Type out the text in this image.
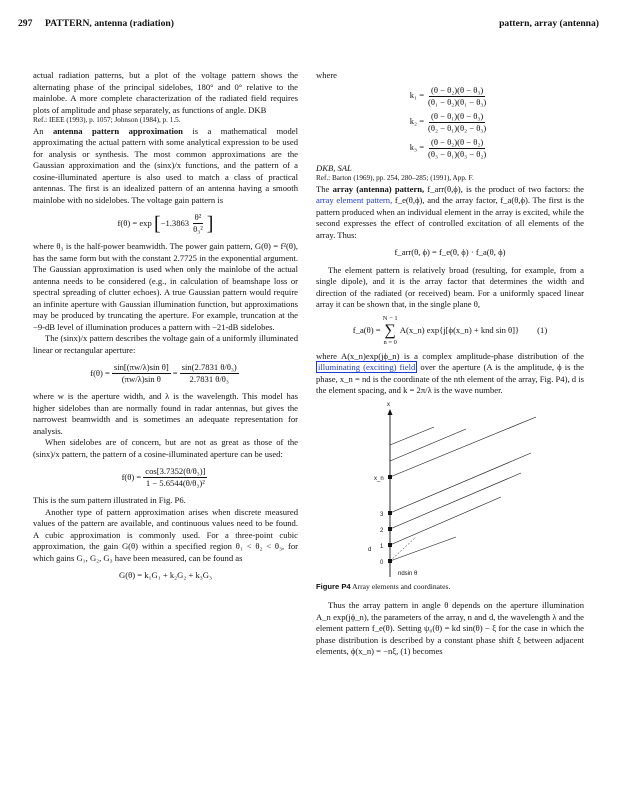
297 PATTERN, antenna (radiation)	pattern, array (antenna)

actual radiation patterns, but a plot of the voltage pattern shows the alternating phase of the principal sidelobes, 180° and 0° relative to the mainlobe. A more complete characterization of the radiated field requires plots of amplitude and phase separately, as functions of angle. DKB

Ref.: IEEE (1993), p. 1057; Johnson (1984), p. 1.5.

An antenna pattern approximation is a mathematical model approximating the actual pattern with some analytical expression to be used for analysis or synthesis. The most common approximations are the Gaussian approximation and the (sinx)/x functions, and the pattern of a cosine-illuminated aperture is also used to match a class of practical antennas. The first is an idealized pattern of an antenna having a smooth mainlobe with no sidelobes. The voltage gain pattern is

f(θ) = exp
[ $-1.3863 \frac{\text{θ²}}{\text{θ₃²}}$ ]

where θ₃ is the half-power beamwidth. The power gain pattern, G(θ) = f²(θ), has the same form but with the constant 2.7725 in the exponential argument. The Gaussian approximation is used when only the mainlobe of the actual antenna needs to be considered (e.g., in calculation of beamshape loss or spectral spreading of clutter echoes). A true Gaussian pattern would require an infinite aperture with Gaussian illumination function, but approximations may be produced by truncating the aperture. For example, truncation at the −9-dB level of illumination produces a pattern with −21-dB sidelobes.

The (sinx)/x pattern describes the voltage gain of a uniformly illuminated linear or rectangular aperture:

$f(\theta) = \frac{\text{sin[(πw/λ)sin θ]}}{\text{(πw/λ)sin θ}} = \frac{\text{sin(2.7831 θ/θ₃)}}{\text{2.7831 θ/θ₃}}$

where w is the aperture width, and λ is the wavelength. This model has higher sidelobes than are normally found in radar antennas, but gives the narrowest beamwidth and is sometimes an adequate representation for analysis.

When sidelobes are of concern, but are not as great as those of the (sinx)/x pattern, the pattern of a cosine-illuminated aperture can be used:

$f(\theta) = \frac{\text{cos[3.7352(θ/θ₃)]}}{\text{1 − 5.6544(θ/θ₃)²}}$

This is the sum pattern illustrated in Fig. P6.

Another type of pattern approximation arises when discrete measured values of the pattern are available, and continuous values need to be found. A cubic approximation is commonly used. For a three-point cubic approximation, the gain G(θ) within a specified region θ₁ < θ₂ < θ₃, for which gains G₁, G₂, G₃ have been measured, can be found as

G(θ) = k₁G₁ + k₂G₂ + k₃G₃

where

$k_1 = \frac{\text{(θ − θ₂)(θ − θ₃)}}{\text{(θ₁ − θ₂)(θ₁ − θ₃)}}$
$k_2 = \frac{\text{(θ − θ₁)(θ − θ₃)}}{\text{(θ₂ − θ₁)(θ₂ − θ₃)}}$
$k_3 = \frac{\text{(θ − θ₂)(θ − θ₂)}}{\text{(θ₃ − θ₁)(θ₃ − θ₂)}}$

DKB, SAL

Ref.: Barton (1969), pp. 254, 280–285; (1991), App. F.

The array (antenna) pattern, f_arr(θ,ϕ), is the product of two factors: the array element pattern, f_e(θ,ϕ), and the array factor, f_a(θ,ϕ). The first is the pattern produced when an individual element in the array is excited, while the second expresses the effect of controlled excitation of all elements of the array. Thus:

f_arr(θ, ϕ) = f_e(θ, ϕ) · f_a(θ, ϕ)

The element pattern is relatively broad (resulting, for example, from a single dipole), and it is the array factor that determines the width and direction of the radiated (or received) beam. For a uniformly spaced linear array it can be shown that, in the single plane θ,

f_a(θ) =

N − 1
∑
n = 0

A(x_n) exp{j[ϕ(x_n) + knd sin θ]} (1)

where A(x_n)exp(jϕ_n) is a complex amplitude-phase distribution of the illuminating (exciting) field over the aperture (A is the amplitude, ϕ is the phase, x_n = nd is the coordinate of the nth element of the array, Fig. P4), d is the element spacing, and k = 2π/λ is the wave number.

x
0
1
2
3
x_n
d
ndsin θ

Figure P4 Array elements and coordinates.

Thus the array pattern in angle θ depends on the aperture illumination A_n exp(jϕ_n), the parameters of the array, n and d, the wavelength λ and the element pattern f_e(θ). Setting ψ₀(θ) = kd sin(θ) − ξ for the case in which the phase distribution is described by a constant phase shift ξ between adjacent elements, ϕ(x_n) = −nξ, (1) becomes
